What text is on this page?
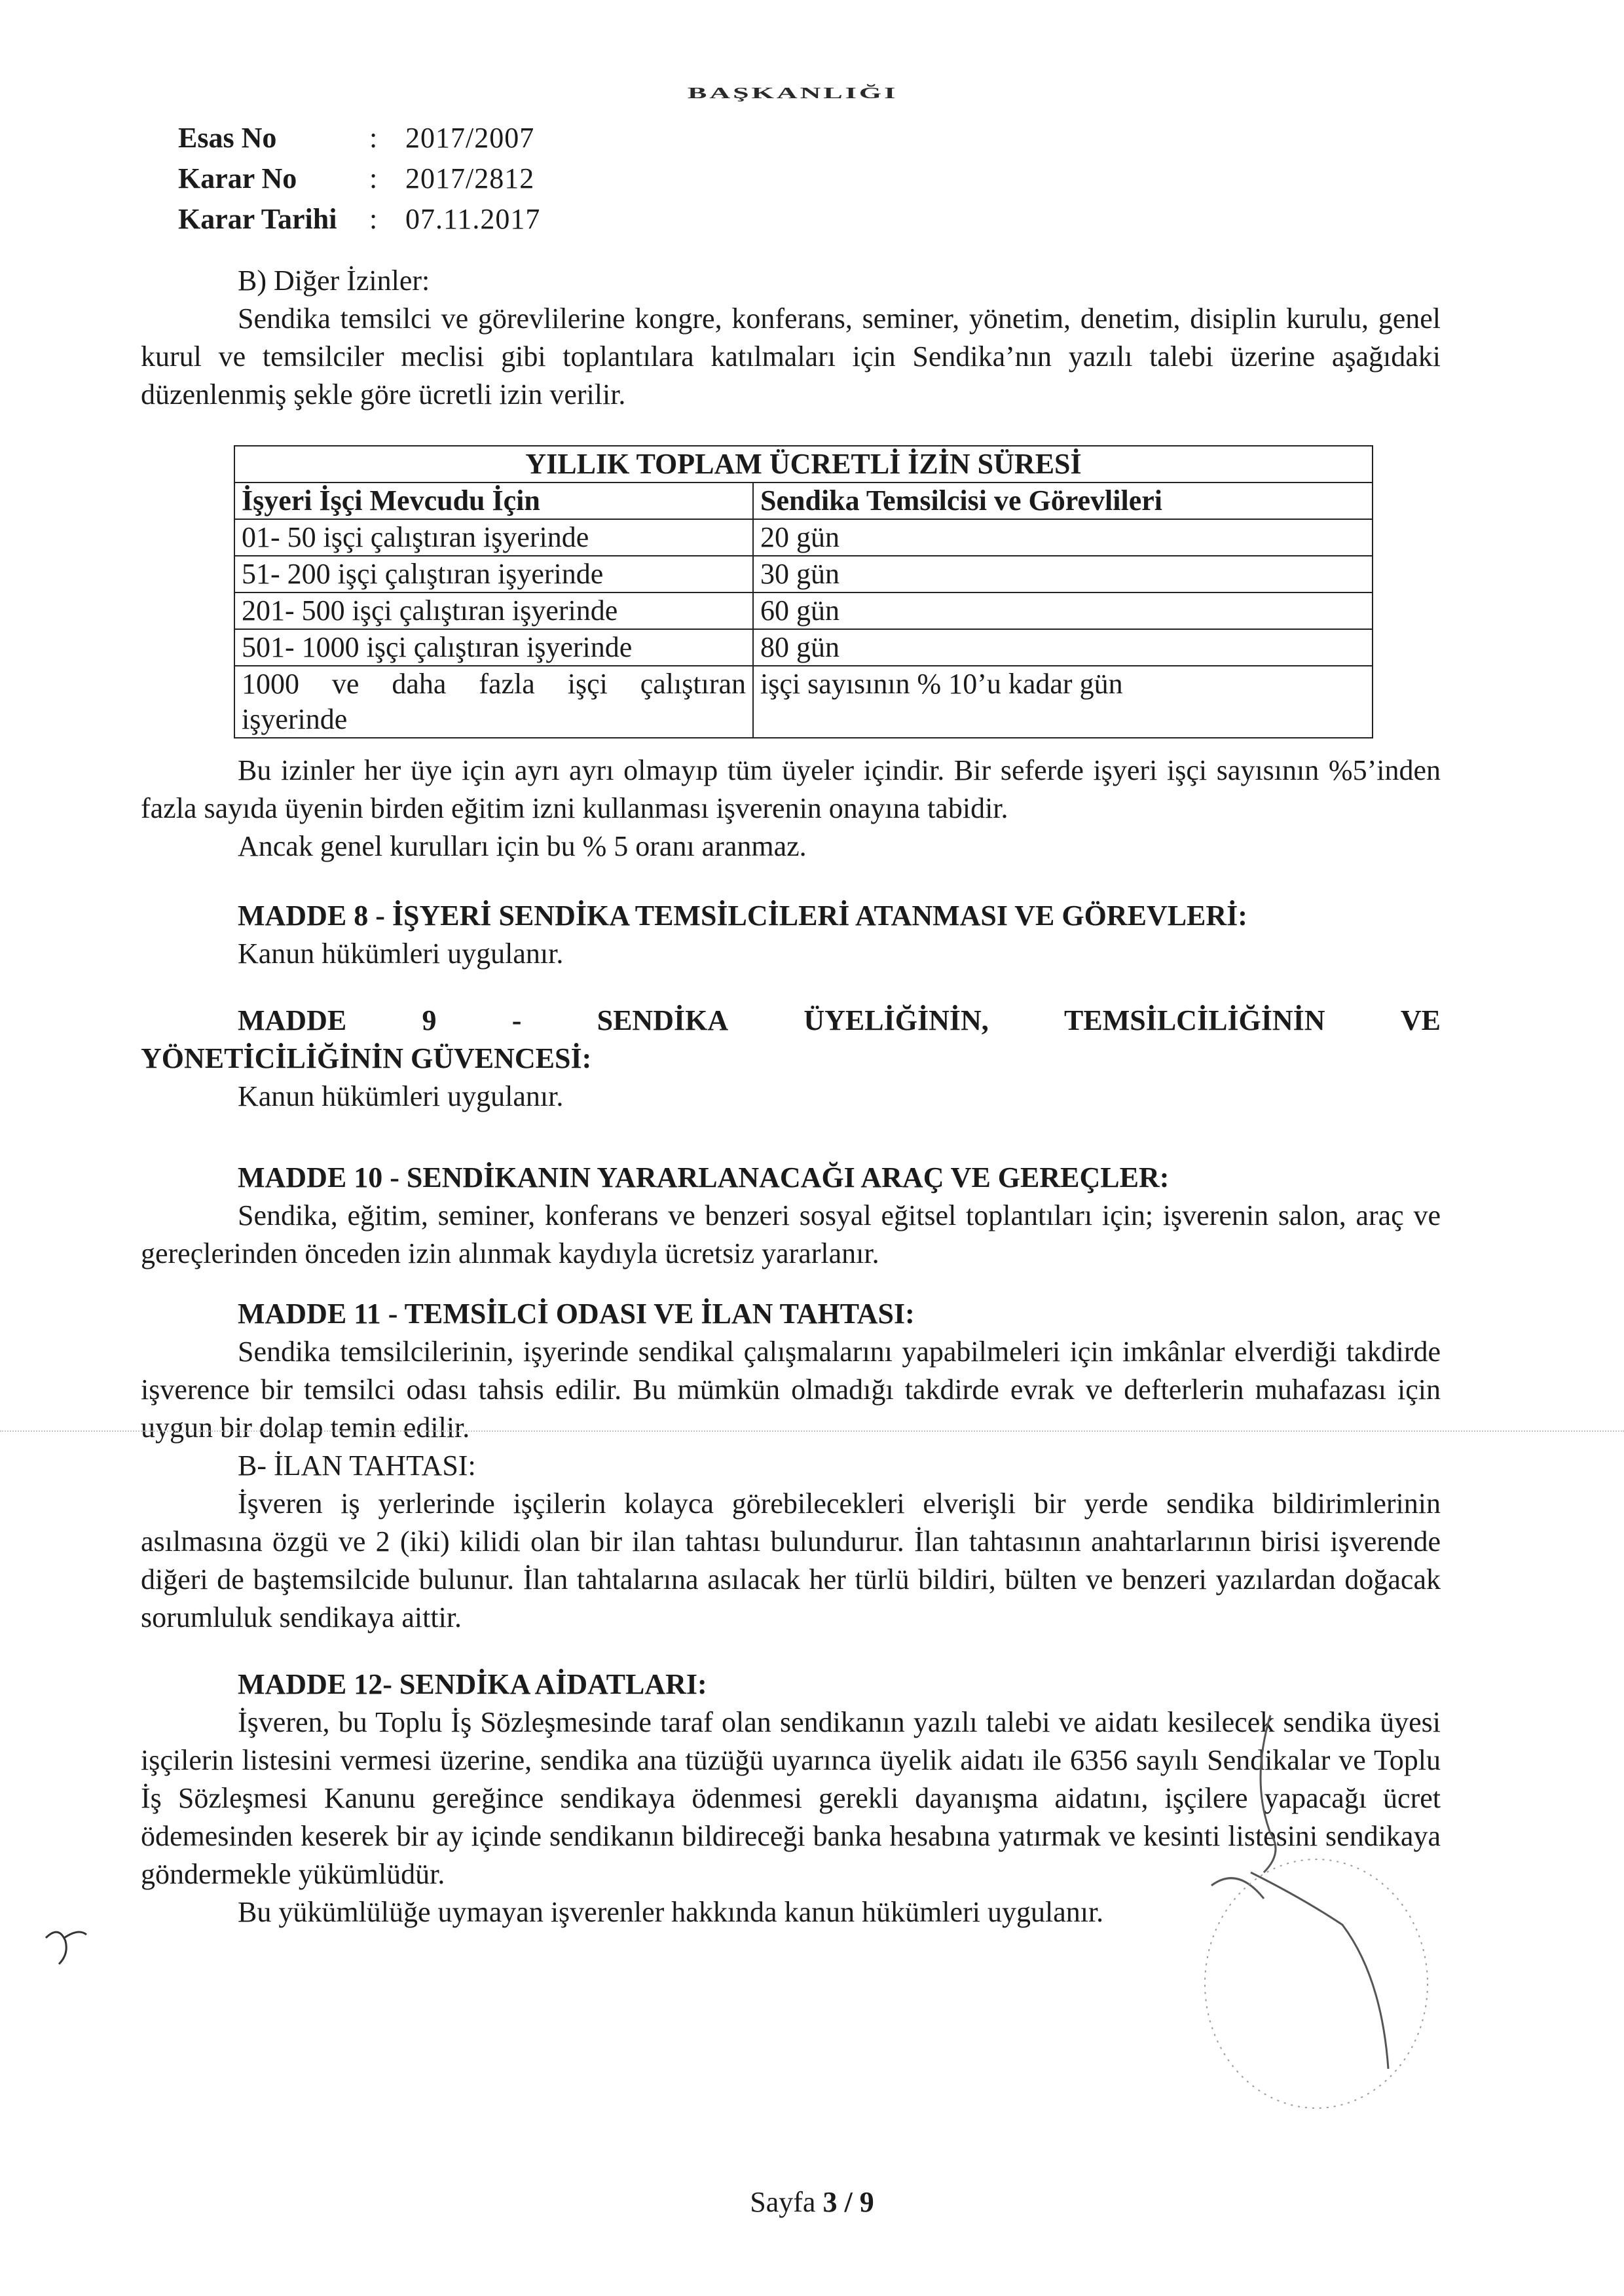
BAŞKANLIĞI
Esas No	: 2017/2007
Karar No	: 2017/2812
Karar Tarihi	: 07.11.2017

B) Diğer İzinler:

Sendika temsilci ve görevlilerine kongre, konferans, seminer, yönetim, denetim, disiplin kurulu, genel kurul ve temsilciler meclisi gibi toplantılara katılmaları için Sendika’nın yazılı talebi üzerine aşağıdaki düzenlenmiş şekle göre ücretli izin verilir.

YILLIK TOPLAM ÜCRETLİ İZİN SÜRESİ	
İşyeri İşçi Mevcudu İçin	Sendika Temsilcisi ve Görevlileri
01- 50 işçi çalıştıran işyerinde	20 gün
51- 200 işçi çalıştıran işyerinde	30 gün
201- 500 işçi çalıştıran işyerinde	60 gün
501- 1000 işçi çalıştıran işyerinde	80 gün

1000 ve daha fazla işçi çalıştıran
işyerinde	işçi sayısının % 10’u kadar gün

Bu izinler her üye için ayrı ayrı olmayıp tüm üyeler içindir. Bir seferde işyeri işçi sayısının %5’inden fazla sayıda üyenin birden eğitim izni kullanması işverenin onayına tabidir.

Ancak genel kurulları için bu % 5 oranı aranmaz.

MADDE 8 - İŞYERİ SENDİKA TEMSİLCİLERİ ATANMASI VE GÖREVLERİ:

Kanun hükümleri uygulanır.

MADDE	9	-	SENDİKA	ÜYELİĞİNİN,	TEMSİLCİLİĞİNİN	VE

YÖNETİCİLİĞİNİN GÜVENCESİ:

Kanun hükümleri uygulanır.

MADDE 10 - SENDİKANIN YARARLANACAĞI ARAÇ VE GEREÇLER:

Sendika, eğitim, seminer, konferans ve benzeri sosyal eğitsel toplantıları için; işverenin salon, araç ve gereçlerinden önceden izin alınmak kaydıyla ücretsiz yararlanır.

MADDE 11 - TEMSİLCİ ODASI VE İLAN TAHTASI:

Sendika temsilcilerinin, işyerinde sendikal çalışmalarını yapabilmeleri için imkânlar elverdiği takdirde işverence bir temsilci odası tahsis edilir. Bu mümkün olmadığı takdirde evrak ve defterlerin muhafazası için uygun bir dolap temin edilir.

B- İLAN TAHTASI:

İşveren iş yerlerinde işçilerin kolayca görebilecekleri elverişli bir yerde sendika bildirimlerinin asılmasına özgü ve 2 (iki) kilidi olan bir ilan tahtası bulundurur. İlan tahtasının anahtarlarının birisi işverende diğeri de baştemsilcide bulunur. İlan tahtalarına asılacak her türlü bildiri, bülten ve benzeri yazılardan doğacak sorumluluk sendikaya aittir.

MADDE 12- SENDİKA AİDATLARI:

İşveren, bu Toplu İş Sözleşmesinde taraf olan sendikanın yazılı talebi ve aidatı kesilecek sendika üyesi işçilerin listesini vermesi üzerine, sendika ana tüzüğü uyarınca üyelik aidatı ile 6356 sayılı Sendikalar ve Toplu İş Sözleşmesi Kanunu gereğince sendikaya ödenmesi gerekli dayanışma aidatını, işçilere yapacağı ücret ödemesinden keserek bir ay içinde sendikanın bildireceği banka hesabına yatırmak ve kesinti listesini sendikaya göndermekle yükümlüdür.

Bu yükümlülüğe uymayan işverenler hakkında kanun hükümleri uygulanır.

Sayfa 3 / 9
